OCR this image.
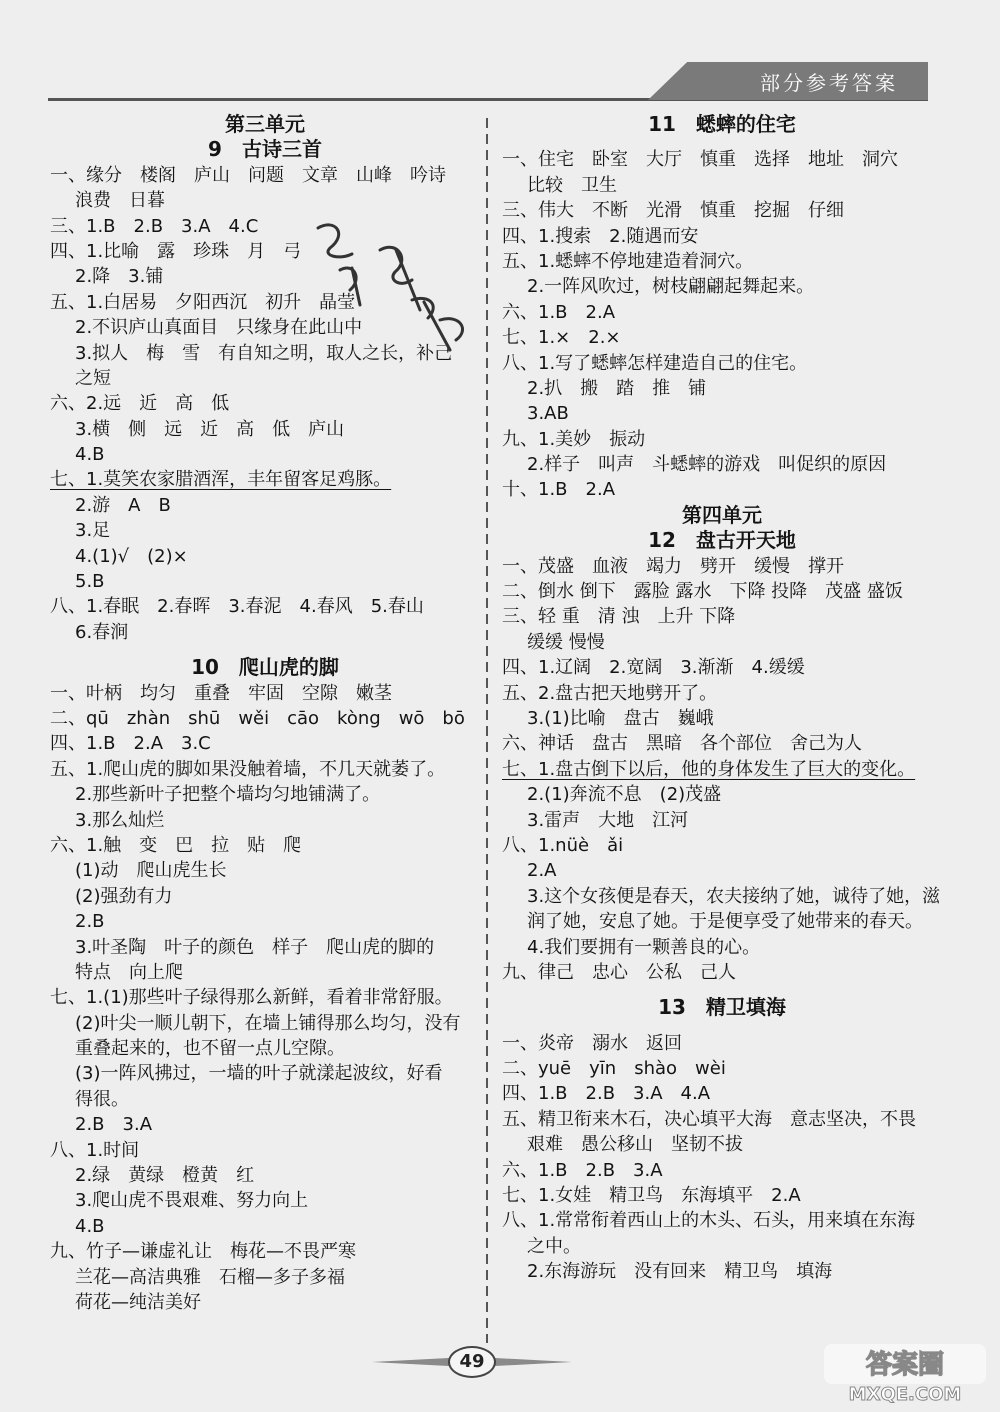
部分参考答案
第三单元
9　古诗三首
一、缘分　楼阁　庐山　问题　文章　山峰　吟诗
浪费　日暮
三、1.B　2.B　3.A　4.C
四、1.比喻　露　珍珠　月　弓
2.降　3.铺
五、1.白居易　夕阳西沉　初升　晶莹
2.不识庐山真面目　只缘身在此山中
3.拟人　梅　雪　有自知之明，取人之长，补己
之短
六、2.远　近　高　低
3.横　侧　远　近　高　低　庐山
4.B
七、1.莫笑农家腊酒浑，丰年留客足鸡豚。
2.游　A　B
3.足
4.(1)√　(2)×
5.B
八、1.春眠　2.春晖　3.春泥　4.春风　5.春山
6.春涧
10　爬山虎的脚
一、叶柄　均匀　重叠　牢固　空隙　嫩茎
二、qū　zhàn　shū　wěi　cāo　kòng　wō　bō
四、1.B　2.A　3.C
五、1.爬山虎的脚如果没触着墙，不几天就萎了。
2.那些新叶子把整个墙均匀地铺满了。
3.那么灿烂
六、1.触　变　巴　拉　贴　爬
(1)动　爬山虎生长
(2)强劲有力
2.B
3.叶圣陶　叶子的颜色　样子　爬山虎的脚的
特点　向上爬
七、1.(1)那些叶子绿得那么新鲜，看着非常舒服。
(2)叶尖一顺儿朝下，在墙上铺得那么均匀，没有
重叠起来的，也不留一点儿空隙。
(3)一阵风拂过，一墙的叶子就漾起波纹，好看
得很。
2.B　3.A
八、1.时间
2.绿　黄绿　橙黄　红
3.爬山虎不畏艰难、努力向上
4.B
九、竹子—谦虚礼让　梅花—不畏严寒
兰花—高洁典雅　石榴—多子多福
荷花—纯洁美好
11　蟋蟀的住宅
一、住宅　卧室　大厅　慎重　选择　地址　洞穴
比较　卫生
三、伟大　不断　光滑　慎重　挖掘　仔细
四、1.搜索　2.随遇而安
五、1.蟋蟀不停地建造着洞穴。
2.一阵风吹过，树枝翩翩起舞起来。
六、1.B　2.A
七、1.×　2.×
八、1.写了蟋蟀怎样建造自己的住宅。
2.扒　搬　踏　推　铺
3.AB
九、1.美妙　振动
2.样子　叫声　斗蟋蟀的游戏　叫促织的原因
十、1.B　2.A
第四单元
12　盘古开天地
一、茂盛　血液　竭力　劈开　缓慢　撑开
二、倒水 倒下　露脸 露水　下降 投降　茂盛 盛饭
三、轻 重　清 浊　上升 下降
缓缓 慢慢
四、1.辽阔　2.宽阔　3.渐渐　4.缓缓
五、2.盘古把天地劈开了。
3.(1)比喻　盘古　巍峨
六、神话　盘古　黑暗　各个部位　舍己为人
七、1.盘古倒下以后，他的身体发生了巨大的变化。
2.(1)奔流不息　(2)茂盛
3.雷声　大地　江河
八、1.nüè　ǎi
2.A
3.这个女孩便是春天，农夫接纳了她，诚待了她，滋
润了她，安息了她。于是便享受了她带来的春天。
4.我们要拥有一颗善良的心。
九、律己　忠心　公私　己人
13　精卫填海
一、炎帝　溺水　返回
二、yuē　yīn　shào　wèi
四、1.B　2.B　3.A　4.A
五、精卫衔来木石，决心填平大海　意志坚决，不畏
艰难　愚公移山　坚韧不拔
六、1.B　2.B　3.A
七、1.女娃　精卫鸟　东海填平　2.A
八、1.常常衔着西山上的木头、石头，用来填在东海
之中。
2.东海游玩　没有回来　精卫鸟　填海
49	答案圈
MXQE.COM
